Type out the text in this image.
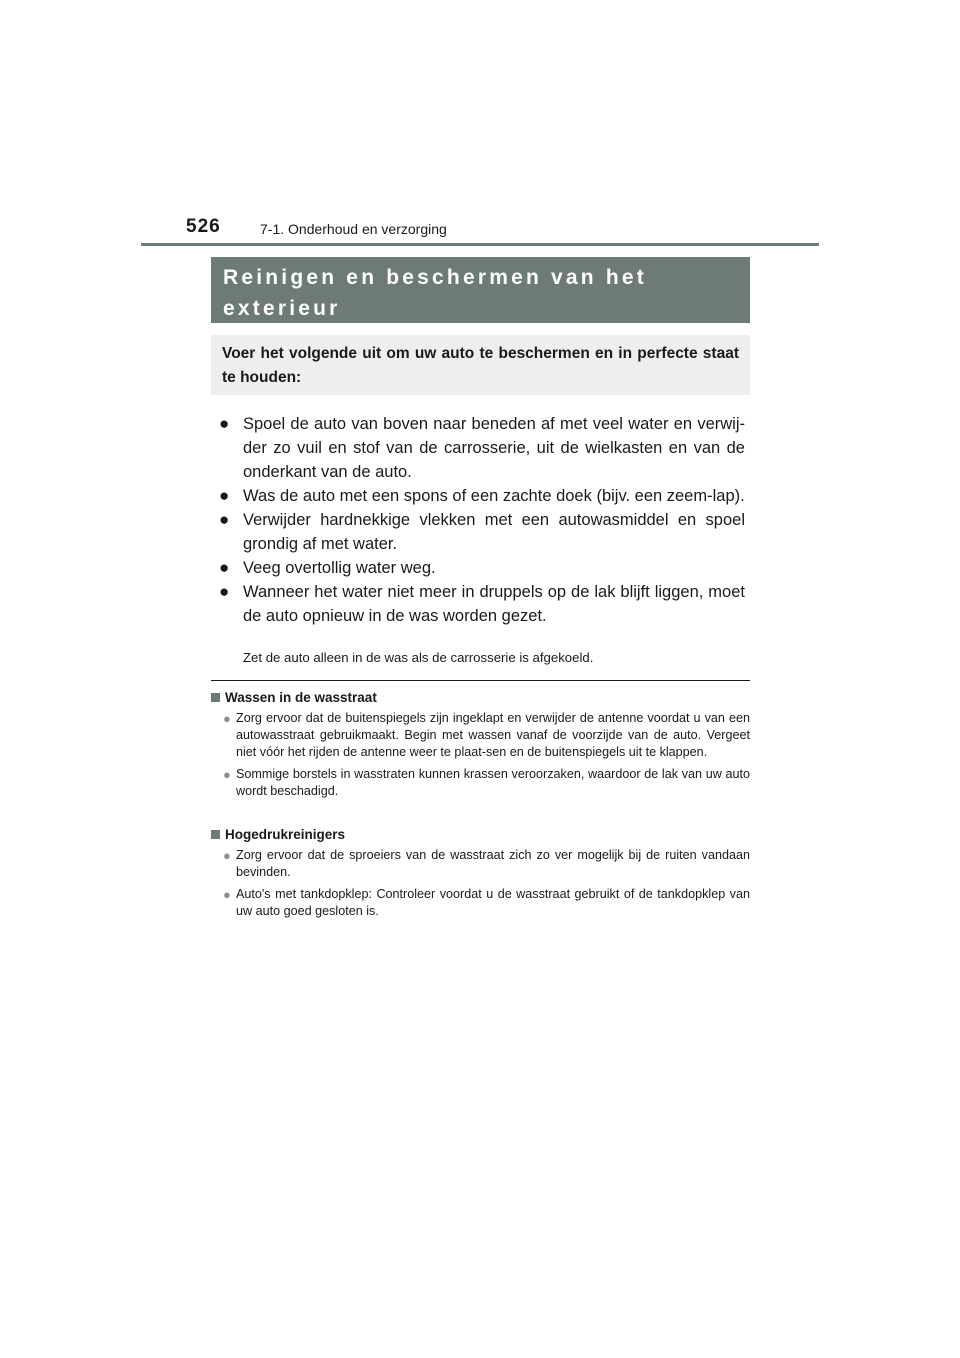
526	7-1. Onderhoud en verzorging
Reinigen en beschermen van het exterieur

Voer het volgende uit om uw auto te beschermen en in perfecte staat te houden:

● Spoel de auto van boven naar beneden af met veel water en verwij-der zo vuil en stof van de carrosserie, uit de wielkasten en van de onderkant van de auto.
● Was de auto met een spons of een zachte doek (bijv. een zeem-lap).
● Verwijder hardnekkige vlekken met een autowasmiddel en spoel grondig af met water.
● Veeg overtollig water weg.
● Wanneer het water niet meer in druppels op de lak blijft liggen, moet de auto opnieuw in de was worden gezet.
Zet de auto alleen in de was als de carrosserie is afgekoeld.
Wassen in de wasstraat
● Zorg ervoor dat de buitenspiegels zijn ingeklapt en verwijder de antenne voordat u van een autowasstraat gebruikmaakt. Begin met wassen vanaf de voorzijde van de auto. Vergeet niet vóór het rijden de antenne weer te plaat-sen en de buitenspiegels uit te klappen.
● Sommige borstels in wasstraten kunnen krassen veroorzaken, waardoor de lak van uw auto wordt beschadigd.
Hogedrukreinigers
● Zorg ervoor dat de sproeiers van de wasstraat zich zo ver mogelijk bij de ruiten vandaan bevinden.
● Auto's met tankdopklep: Controleer voordat u de wasstraat gebruikt of de tankdopklep van uw auto goed gesloten is.
